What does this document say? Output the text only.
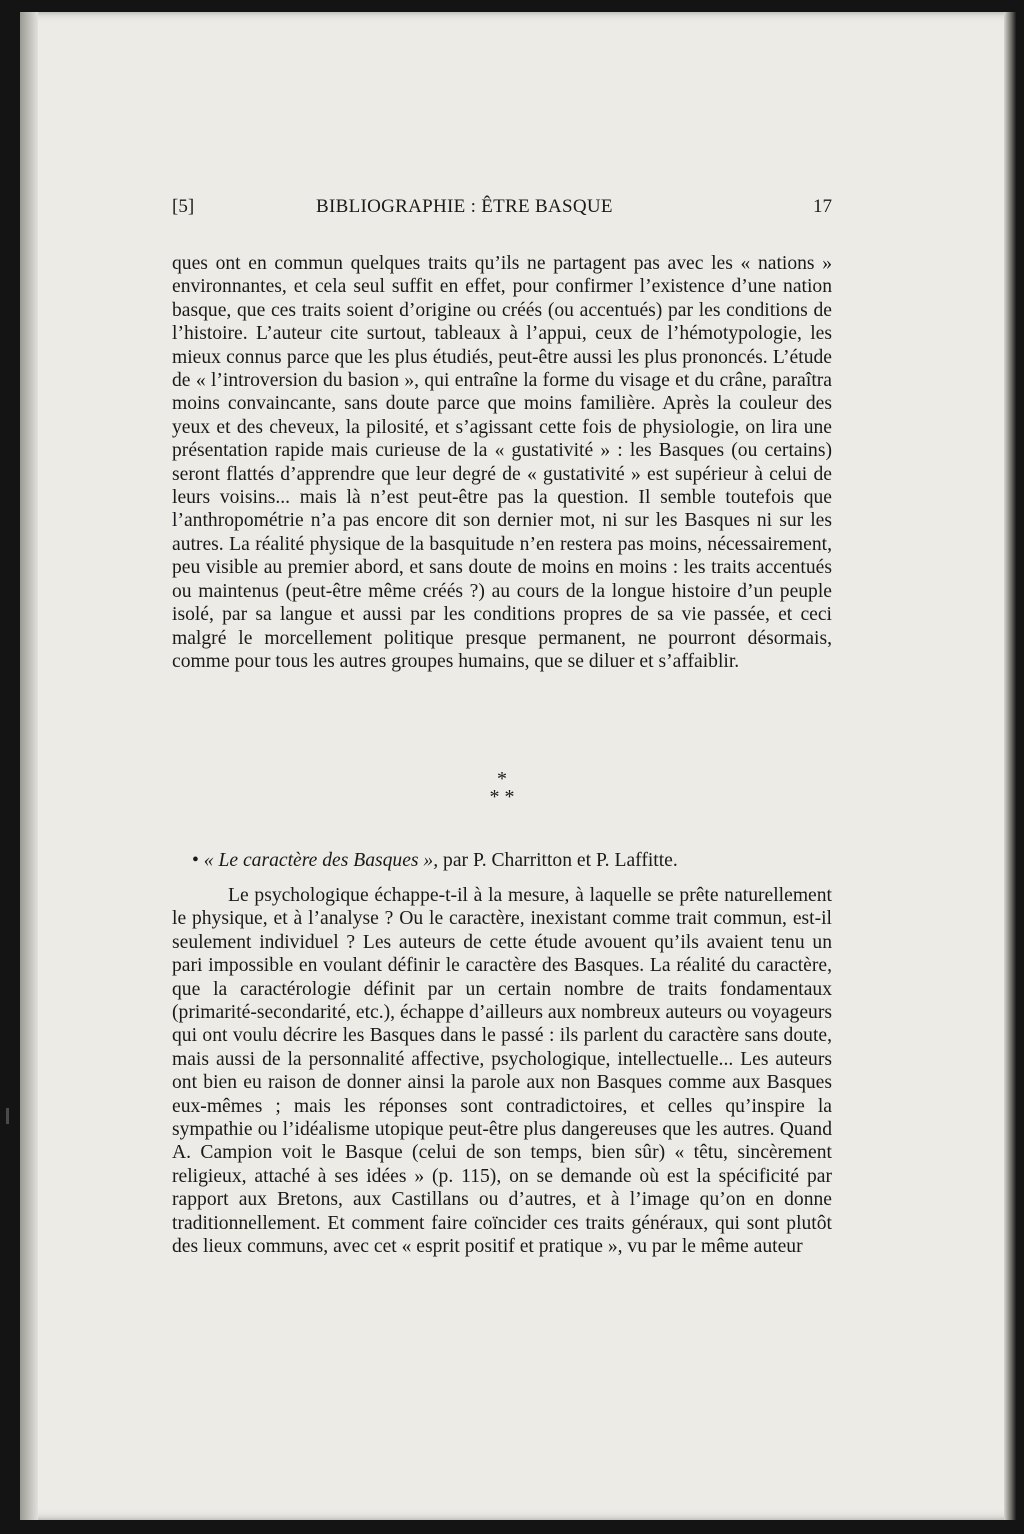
[5]	BIBLIOGRAPHIE : ÊTRE BASQUE	17
ques ont en commun quelques traits qu’ils ne partagent pas avec les « nations » environnantes, et cela seul suffit en effet, pour confirmer l’existence d’une nation basque, que ces traits soient d’origine ou créés (ou accentués) par les conditions de l’histoire. L’auteur cite surtout, tableaux à l’appui, ceux de l’hémotypologie, les mieux connus parce que les plus étudiés, peut-être aussi les plus prononcés. L’étude de « l’introversion du basion », qui entraîne la forme du visage et du crâne, paraîtra moins convaincante, sans doute parce que moins familière. Après la couleur des yeux et des cheveux, la pilosité, et s’agissant cette fois de physiologie, on lira une présentation rapide mais curieuse de la « gustativité » : les Basques (ou certains) seront flattés d’apprendre que leur degré de « gustativité » est supérieur à celui de leurs voisins... mais là n’est peut-être pas la question. Il semble toutefois que l’anthropométrie n’a pas encore dit son dernier mot, ni sur les Basques ni sur les autres. La réalité physique de la basquitude n’en restera pas moins, nécessairement, peu visible au premier abord, et sans doute de moins en moins : les traits accentués ou maintenus (peut-être même créés ?) au cours de la longue histoire d’un peuple isolé, par sa langue et aussi par les conditions propres de sa vie passée, et ceci malgré le morcellement politique presque permanent, ne pourront désormais, comme pour tous les autres groupes humains, que se diluer et s’affaiblir.
*
* *
• « Le caractère des Basques », par P. Charritton et P. Laffitte.
Le psychologique échappe-t-il à la mesure, à laquelle se prête naturellement le physique, et à l’analyse ? Ou le caractère, inexistant comme trait commun, est-il seulement individuel ? Les auteurs de cette étude avouent qu’ils avaient tenu un pari impossible en voulant définir le caractère des Basques. La réalité du caractère, que la caractérologie définit par un certain nombre de traits fondamentaux (primarité-secondarité, etc.), échappe d’ailleurs aux nombreux auteurs ou voyageurs qui ont voulu décrire les Basques dans le passé : ils parlent du caractère sans doute, mais aussi de la personnalité affective, psychologique, intellectuelle... Les auteurs ont bien eu raison de donner ainsi la parole aux non Basques comme aux Basques eux-mêmes ; mais les réponses sont contradictoires, et celles qu’inspire la sympathie ou l’idéalisme utopique peut-être plus dangereuses que les autres. Quand A. Campion voit le Basque (celui de son temps, bien sûr) « têtu, sincèrement religieux, attaché à ses idées » (p. 115), on se demande où est la spécificité par rapport aux Bretons, aux Castillans ou d’autres, et à l’image qu’on en donne traditionnellement. Et comment faire coïncider ces traits généraux, qui sont plutôt des lieux communs, avec cet « esprit positif et pratique », vu par le même auteur
